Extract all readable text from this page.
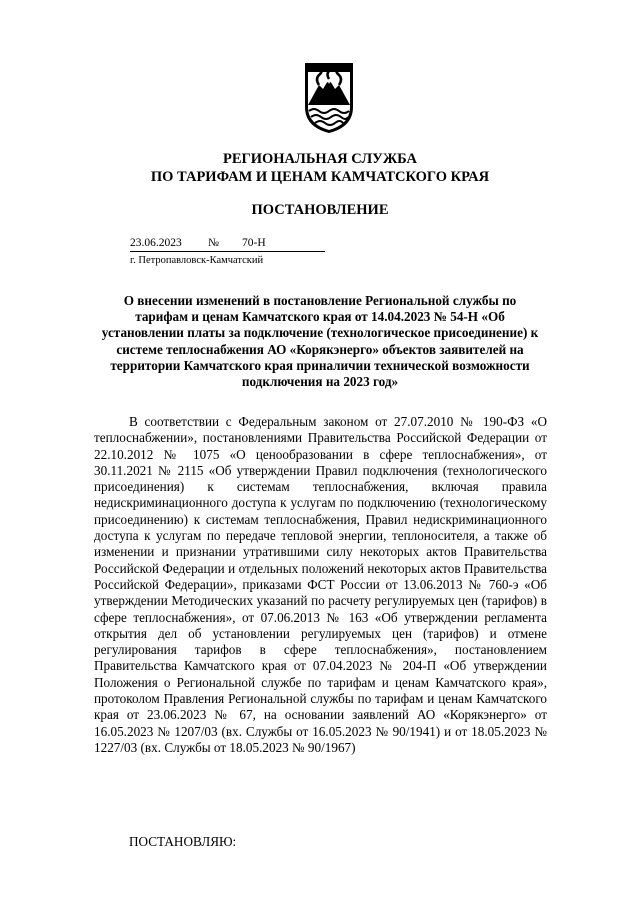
РЕГИОНАЛЬНАЯ СЛУЖБА
ПО ТАРИФАМ И ЦЕНАМ КАМЧАТСКОГО КРАЯ
ПОСТАНОВЛЕНИЕ
23.06.2023	№	70-Н
г. Петропавловск-Камчатский
О внесении изменений в постановление Региональной службы по тарифам и ценам Камчатского края от 14.04.2023 № 54-Н «Об установлении платы за подключение (технологическое присоединение) к системе теплоснабжения АО «Корякэнерго» объектов заявителей на территории Камчатского края приналичии технической возможности подключения на 2023 год»
В соответствии с Федеральным законом от 27.07.2010 № 190-ФЗ «О теплоснабжении», постановлениями Правительства Российской Федерации от 22.10.2012 № 1075 «О ценообразовании в сфере теплоснабжения», от 30.11.2021 № 2115 «Об утверждении Правил подключения (технологического присоединения) к системам теплоснабжения, включая правила недискриминационного доступа к услугам по подключению (технологическому присоединению) к системам теплоснабжения, Правил недискриминационного доступа к услугам по передаче тепловой энергии, теплоносителя, а также об изменении и признании утратившими силу некоторых актов Правительства Российской Федерации и отдельных положений некоторых актов Правительства Российской Федерации», приказами ФСТ России от 13.06.2013 № 760-э «Об утверждении Методических указаний по расчету регулируемых цен (тарифов) в сфере теплоснабжения», от 07.06.2013 № 163 «Об утверждении регламента открытия дел об установлении регулируемых цен (тарифов) и отмене регулирования тарифов в сфере теплоснабжения», постановлением Правительства Камчатского края от 07.04.2023 № 204-П «Об утверждении Положения о Региональной службе по тарифам и ценам Камчатского края», протоколом Правления Региональной службы по тарифам и ценам Камчатского края от 23.06.2023 № 67, на основании заявлений АО «Корякэнерго» от 16.05.2023 № 1207/03 (вх. Службы от 16.05.2023 № 90/1941) и от 18.05.2023 № 1227/03 (вх. Службы от 18.05.2023 № 90/1967)
ПОСТАНОВЛЯЮ:
